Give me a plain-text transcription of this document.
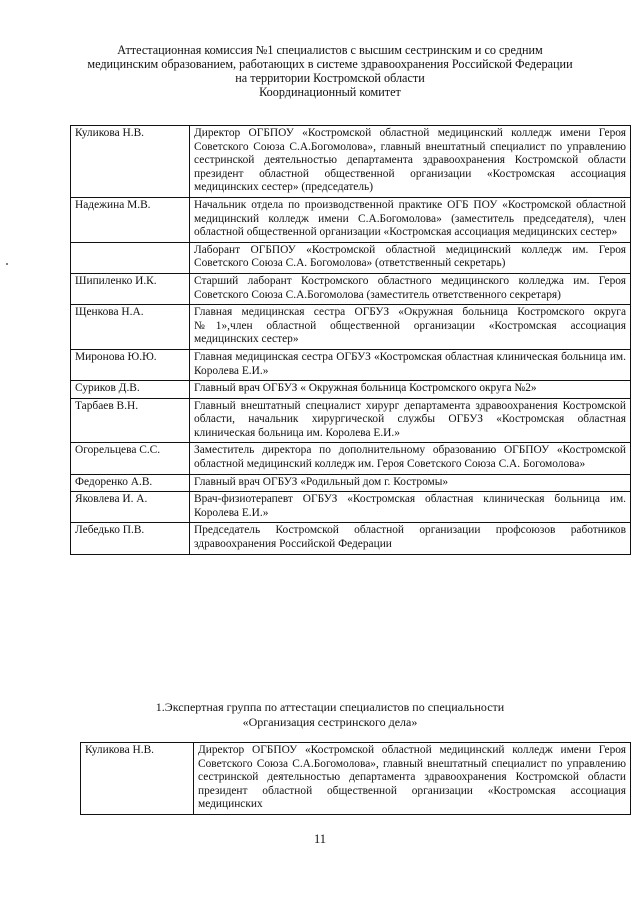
Аттестационная комиссия №1 специалистов с высшим сестринским и со средним
медицинским образованием, работающих в системе здравоохранения Российской Федерации
на территории Костромской области
Координационный комитет
Куликова Н.В.	Директор ОГБПОУ «Костромской областной медицинский колледж имени Героя Советского Союза С.А.Богомолова», главный внештатный специалист по управлению сестринской деятельностью департамента здравоохранения Костромской области президент областной общественной организации «Костромская ассоциация медицинских сестер» (председатель)
Надежина М.В.	Начальник отдела по производственной практике ОГБ ПОУ «Костромской областной медицинский колледж имени С.А.Богомолова» (заместитель председателя), член областной общественной организации «Костромская ассоциация медицинских сестер»
	Лаборант ОГБПОУ «Костромской областной медицинский колледж им. Героя Советского Союза С.А. Богомолова» (ответственный секретарь)
Шипиленко И.К.	Старший лаборант Костромского областного медицинского колледжа им. Героя Советского Союза С.А.Богомолова (заместитель ответственного секретаря)
Щенкова Н.А.	Главная медицинская сестра ОГБУЗ «Окружная больница Костромского округа №1»,член областной общественной организации «Костромская ассоциация медицинских сестер»
Миронова Ю.Ю.	Главная медицинская сестра ОГБУЗ «Костромская областная клиническая больница им. Королева Е.И.»
Суриков Д.В.	Главный врач ОГБУЗ « Окружная больница Костромского округа №2»
Тарбаев В.Н.	Главный внештатный специалист хирург департамента здравоохранения Костромской области, начальник хирургической службы ОГБУЗ «Костромская областная клиническая больница им. Королева Е.И.»
Огорельцева С.С.	Заместитель директора по дополнительному образованию ОГБПОУ «Костромской областной медицинский колледж им. Героя Советского Союза С.А. Богомолова»
Федоренко А.В.	Главный врач ОГБУЗ «Родильный дом г. Костромы»
Яковлева И. А.	Врач-физиотерапевт ОГБУЗ «Костромская областная клиническая больница им. Королева Е.И.»
Лебедько П.В.	Председатель Костромской областной организации профсоюзов работников здравоохранения Российской Федерации
1.Экспертная группа по аттестации специалистов по специальности
«Организация сестринского дела»
Куликова Н.В.	Директор ОГБПОУ «Костромской областной медицинский колледж имени Героя Советского Союза С.А.Богомолова», главный внештатный специалист по управлению сестринской деятельностью департамента здравоохранения Костромской области президент областной общественной организации «Костромская ассоциация медицинских
11
